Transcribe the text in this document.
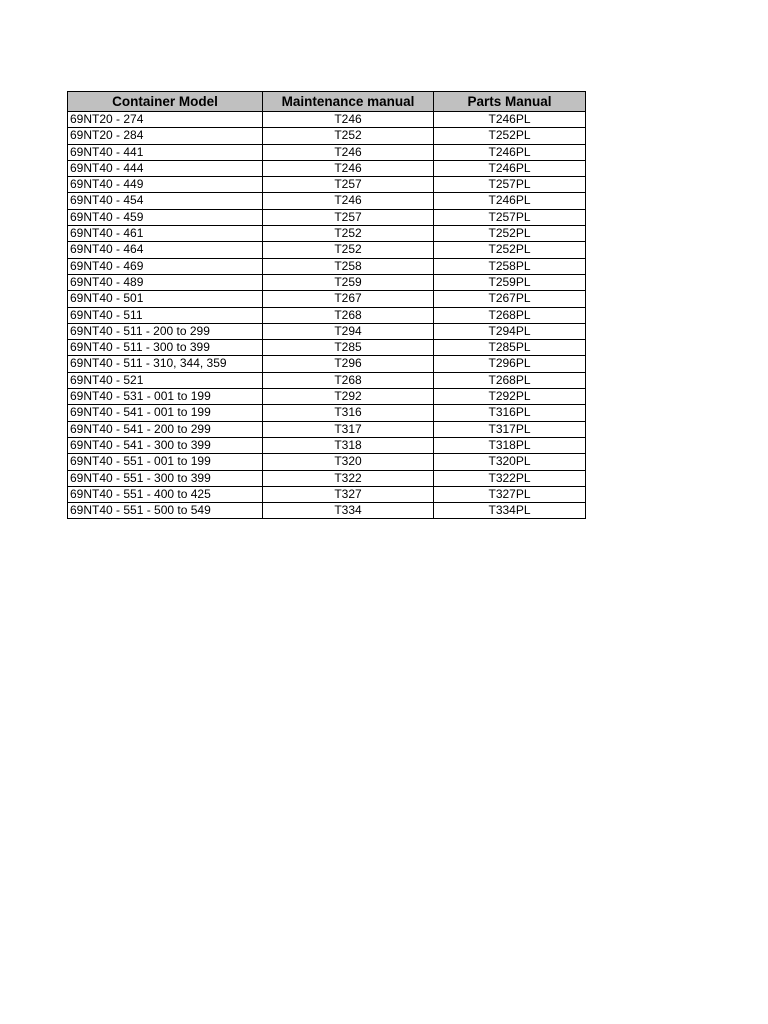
Container Model	Maintenance manual	Parts Manual
69NT20 - 274	T246	T246PL
69NT20 - 284	T252	T252PL
69NT40 - 441	T246	T246PL
69NT40 - 444	T246	T246PL
69NT40 - 449	T257	T257PL
69NT40 - 454	T246	T246PL
69NT40 - 459	T257	T257PL
69NT40 - 461	T252	T252PL
69NT40 - 464	T252	T252PL
69NT40 - 469	T258	T258PL
69NT40 - 489	T259	T259PL
69NT40 - 501	T267	T267PL
69NT40 - 511	T268	T268PL
69NT40 - 511 - 200 to 299	T294	T294PL
69NT40 - 511 - 300 to 399	T285	T285PL
69NT40 - 511 - 310, 344, 359	T296	T296PL
69NT40 - 521	T268	T268PL
69NT40 - 531 - 001 to 199	T292	T292PL
69NT40 - 541 - 001 to 199	T316	T316PL
69NT40 - 541 - 200 to 299	T317	T317PL
69NT40 - 541 - 300 to 399	T318	T318PL
69NT40 - 551 - 001 to 199	T320	T320PL
69NT40 - 551 - 300 to 399	T322	T322PL
69NT40 - 551 - 400 to 425	T327	T327PL
69NT40 - 551 - 500 to 549	T334	T334PL
